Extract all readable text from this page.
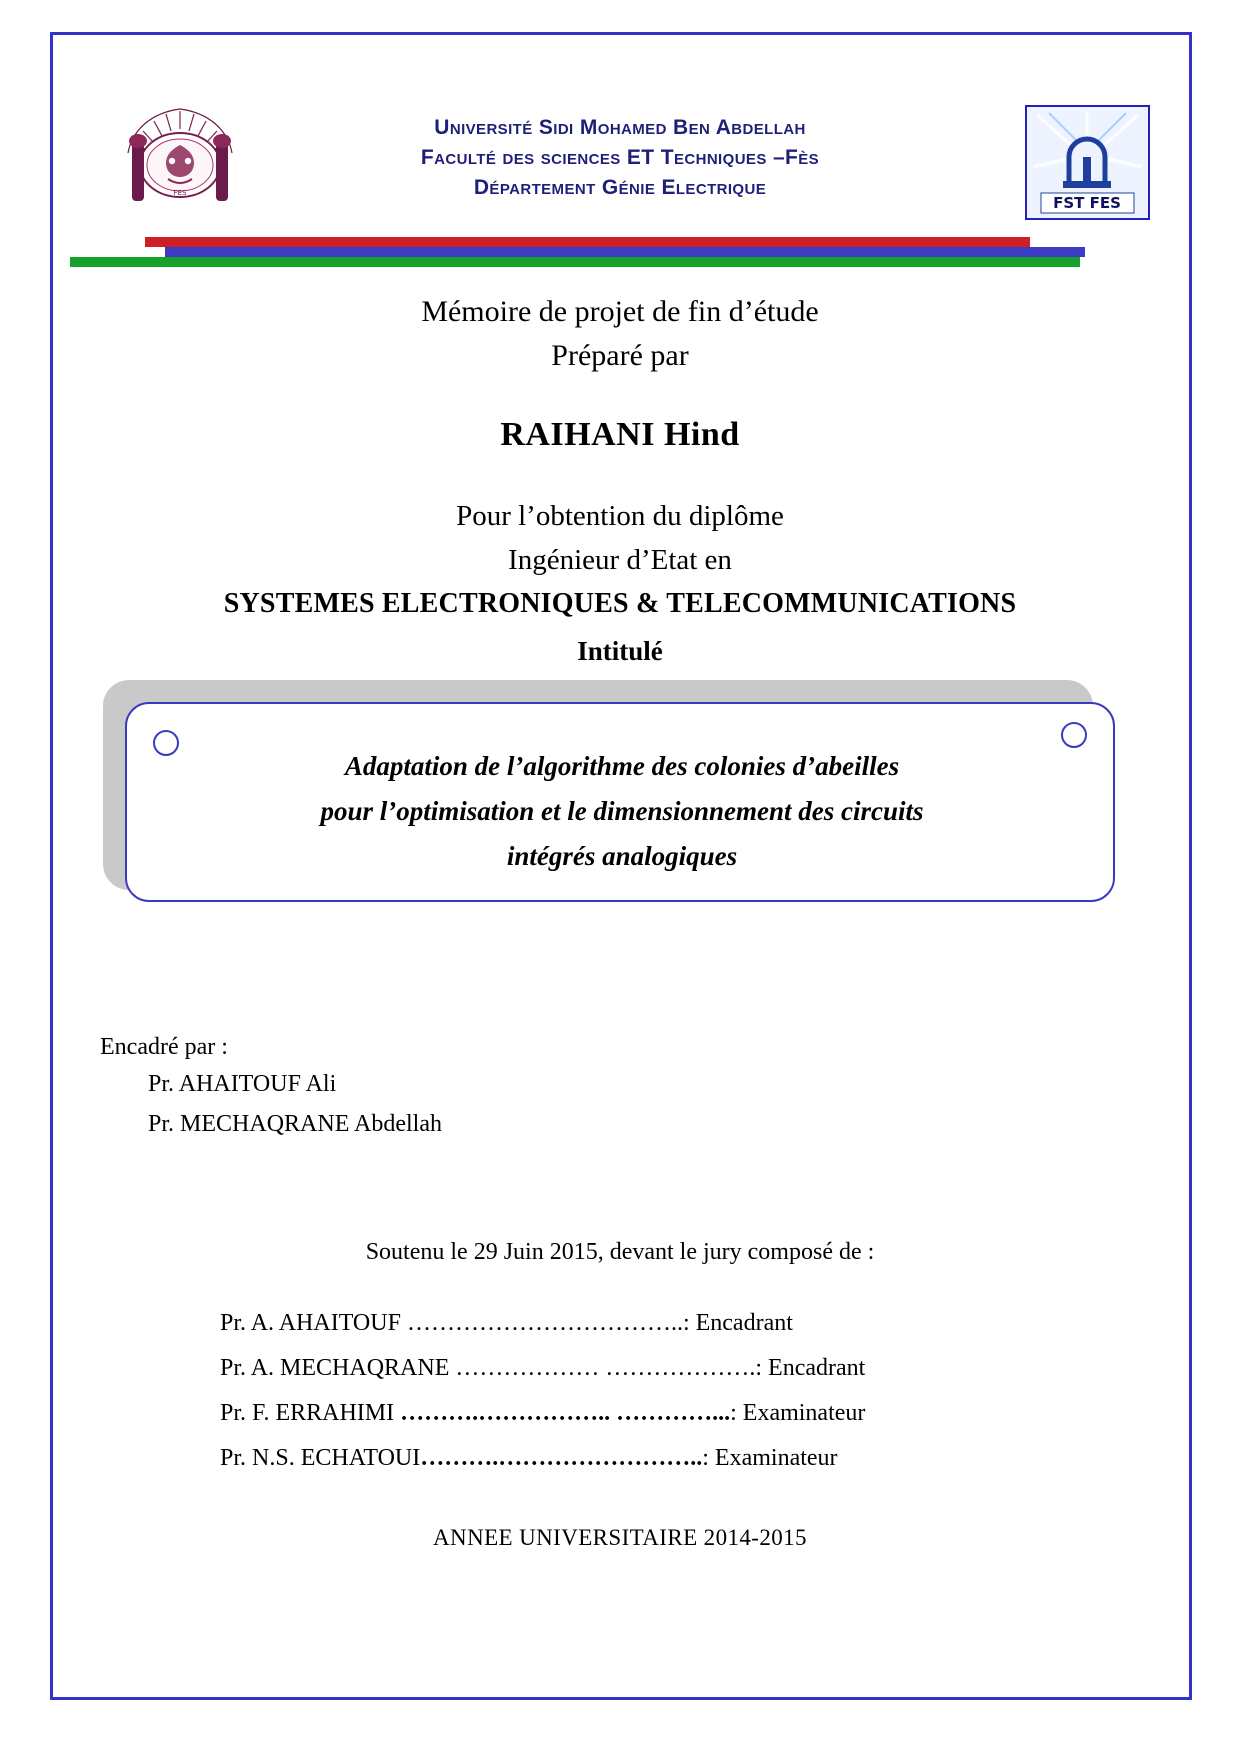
FES
Université Sidi Mohamed Ben Abdellah
Faculté des sciences ET Techniques –Fès
Département Génie Electrique
FST FES
Mémoire de projet de fin d’étude
Préparé par
RAIHANI Hind
Pour l’obtention du diplôme
Ingénieur d’Etat en
SYSTEMES ELECTRONIQUES & TELECOMMUNICATIONS
Intitulé
Adaptation de l’algorithme des colonies d’abeilles
pour l’optimisation et le dimensionnement des circuits
intégrés analogiques
Encadré par :
Pr. AHAITOUF Ali
Pr. MECHAQRANE Abdellah
Soutenu le 29 Juin 2015, devant le jury composé de :
Pr. A. AHAITOUF ……………………………..: Encadrant
Pr. A. MECHAQRANE ……………… ……………….: Encadrant
Pr. F. ERRAHIMI ……….…………….. …………...: Examinateur
Pr. N.S. ECHATOUI……….……………………..: Examinateur
ANNEE UNIVERSITAIRE 2014-2015
